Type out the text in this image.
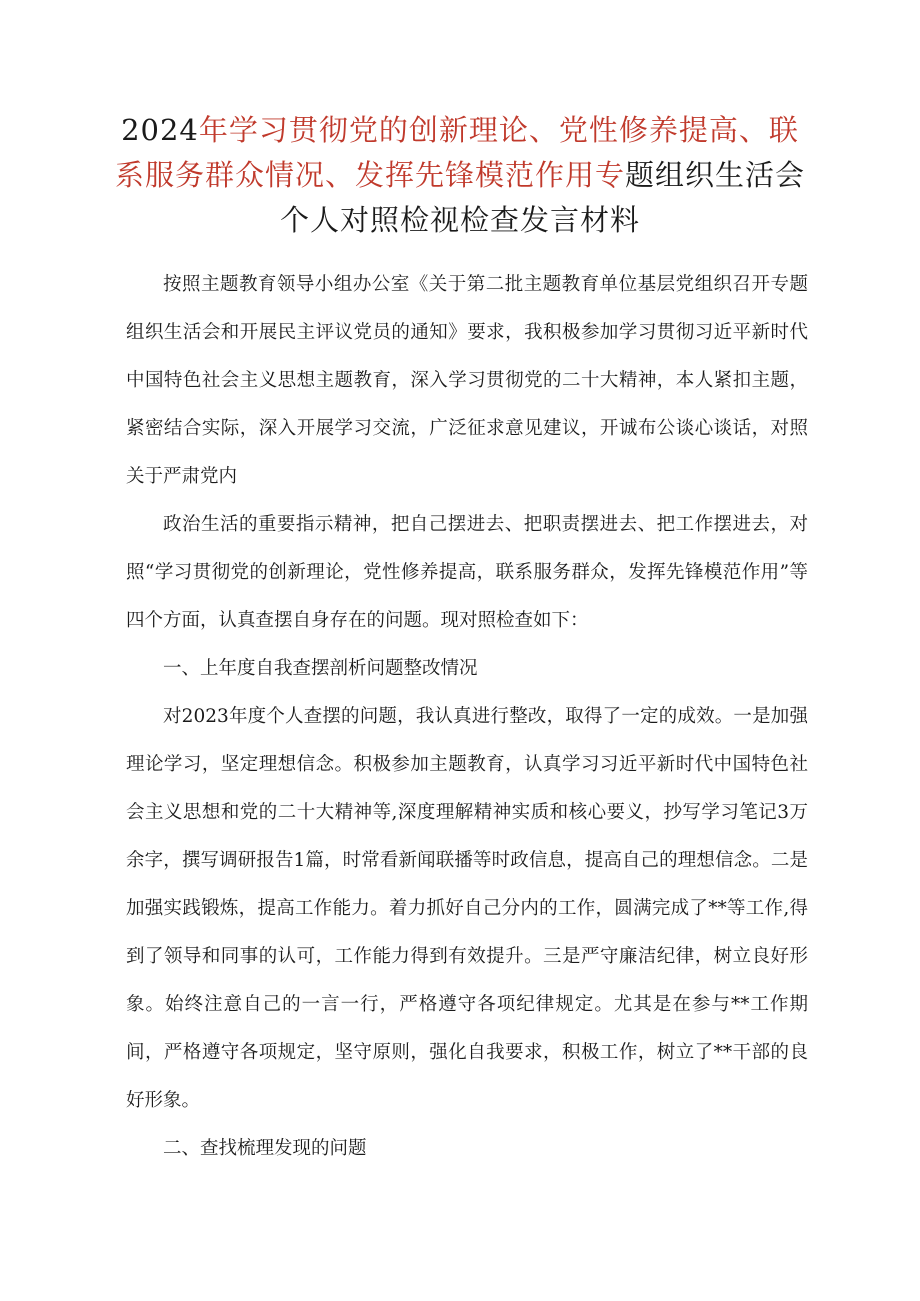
2024年学习贯彻党的创新理论、党性修养提高、联系服务群众情况、发挥先锋模范作用专题组织生活会个人对照检视检查发言材料

按照主题教育领导小组办公室《关于第二批主题教育单位基层党组织召开专题组织生活会和开展民主评议党员的通知》要求，我积极参加学习贯彻习近平新时代中国特色社会主义思想主题教育，深入学习贯彻党的二十大精神，本人紧扣主题，紧密结合实际，深入开展学习交流，广泛征求意见建议，开诚布公谈心谈话，对照关于严肃党内

政治生活的重要指示精神，把自己摆进去、把职责摆进去、把工作摆进去，对照“学习贯彻党的创新理论，党性修养提高，联系服务群众，发挥先锋模范作用”等四个方面，认真查摆自身存在的问题。现对照检查如下：

一、上年度自我查摆剖析问题整改情况

对2023年度个人查摆的问题，我认真进行整改，取得了一定的成效。一是加强理论学习，坚定理想信念。积极参加主题教育，认真学习习近平新时代中国特色社会主义思想和党的二十大精神等,深度理解精神实质和核心要义，抄写学习笔记3万余字，撰写调研报告1篇，时常看新闻联播等时政信息，提高自己的理想信念。二是加强实践锻炼，提高工作能力。着力抓好自己分内的工作，圆满完成了**等工作,得到了领导和同事的认可，工作能力得到有效提升。三是严守廉洁纪律，树立良好形象。始终注意自己的一言一行，严格遵守各项纪律规定。尤其是在参与**工作期间，严格遵守各项规定，坚守原则，强化自我要求，积极工作，树立了**干部的良好形象。

二、查找梳理发现的问题
